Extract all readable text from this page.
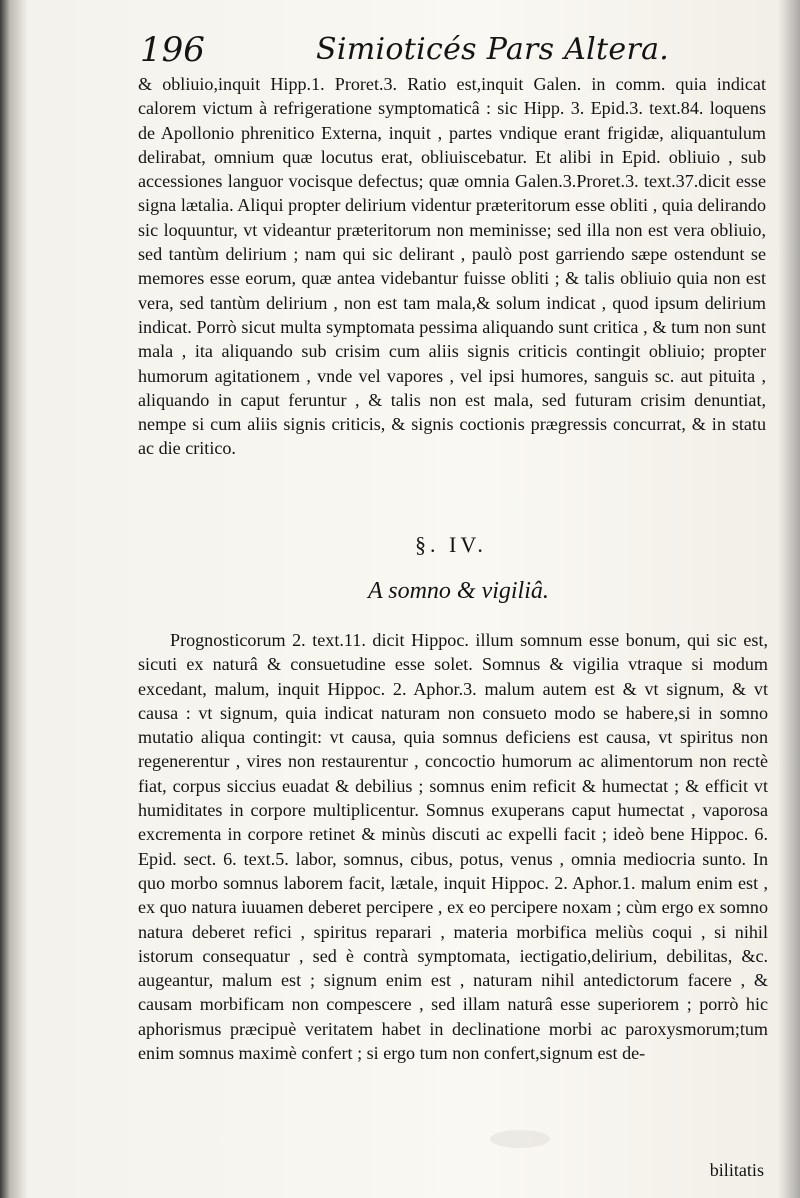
196	Simioticés Pars Altera.

& obliuio,inquit Hipp.1. Proret.3. Ratio est,inquit Galen. in comm. quia indicat calorem victum à refrigeratione symptomaticâ : sic Hipp. 3. Epid.3. text.84. loquens de Apollonio phrenitico Externa, inquit , partes vndique erant frigidæ, aliquantulum delirabat, omnium quæ locutus erat, obliuiscebatur. Et alibi in Epid. obliuio , sub accessiones languor vocisque defectus; quæ omnia Galen.3.Proret.3. text.37.dicit esse signa lætalia. Aliqui propter delirium videntur præteritorum esse obliti , quia delirando sic loquuntur, vt videantur præteritorum non meminisse; sed illa non est vera obliuio, sed tantùm delirium ; nam qui sic delirant , paulò post garriendo sæpe ostendunt se memores esse eorum, quæ antea videbantur fuisse obliti ; & talis obliuio quia non est vera, sed tantùm delirium , non est tam mala,& solum indicat , quod ipsum delirium indicat. Porrò sicut multa symptomata pessima aliquando sunt critica , & tum non sunt mala , ita aliquando sub crisim cum aliis signis criticis contingit obliuio; propter humorum agitationem , vnde vel vapores , vel ipsi humores, sanguis sc. aut pituita , aliquando in caput feruntur , & talis non est mala, sed futuram crisim denuntiat, nempe si cum aliis signis criticis, & signis coctionis prægressis concurrat, & in statu ac die critico.

§. IV.
A somno & vigiliâ.

Prognosticorum 2. text.11. dicit Hippoc. illum somnum esse bonum, qui sic est, sicuti ex naturâ & consuetudine esse solet. Somnus & vigilia vtraque si modum excedant, malum, inquit Hippoc. 2. Aphor.3. malum autem est & vt signum, & vt causa : vt signum, quia indicat naturam non consueto modo se habere,si in somno mutatio aliqua contingit: vt causa, quia somnus deficiens est causa, vt spiritus non regenerentur , vires non restaurentur , concoctio humorum ac alimentorum non rectè fiat, corpus siccius euadat & debilius ; somnus enim reficit & humectat ; & efficit vt humiditates in corpore multiplicentur. Somnus exuperans caput humectat , vaporosa excrementa in corpore retinet & minùs discuti ac expelli facit ; ideò bene Hippoc. 6. Epid. sect. 6. text.5. labor, somnus, cibus, potus, venus , omnia mediocria sunto. In quo morbo somnus laborem facit, lætale, inquit Hippoc. 2. Aphor.1. malum enim est , ex quo natura iuuamen deberet percipere , ex eo percipere noxam ; cùm ergo ex somno natura deberet refici , spiritus reparari , materia morbifica meliùs coqui , si nihil istorum consequatur , sed è contrà symptomata, iectigatio,delirium, debilitas, &c. augeantur, malum est ; signum enim est , naturam nihil antedictorum facere , & causam morbificam non compescere , sed illam naturâ esse superiorem ; porrò hic aphorismus præcipuè veritatem habet in declinatione morbi ac paroxysmorum;tum enim somnus maximè confert ; si ergo tum non confert,signum est de-

bilitatis
